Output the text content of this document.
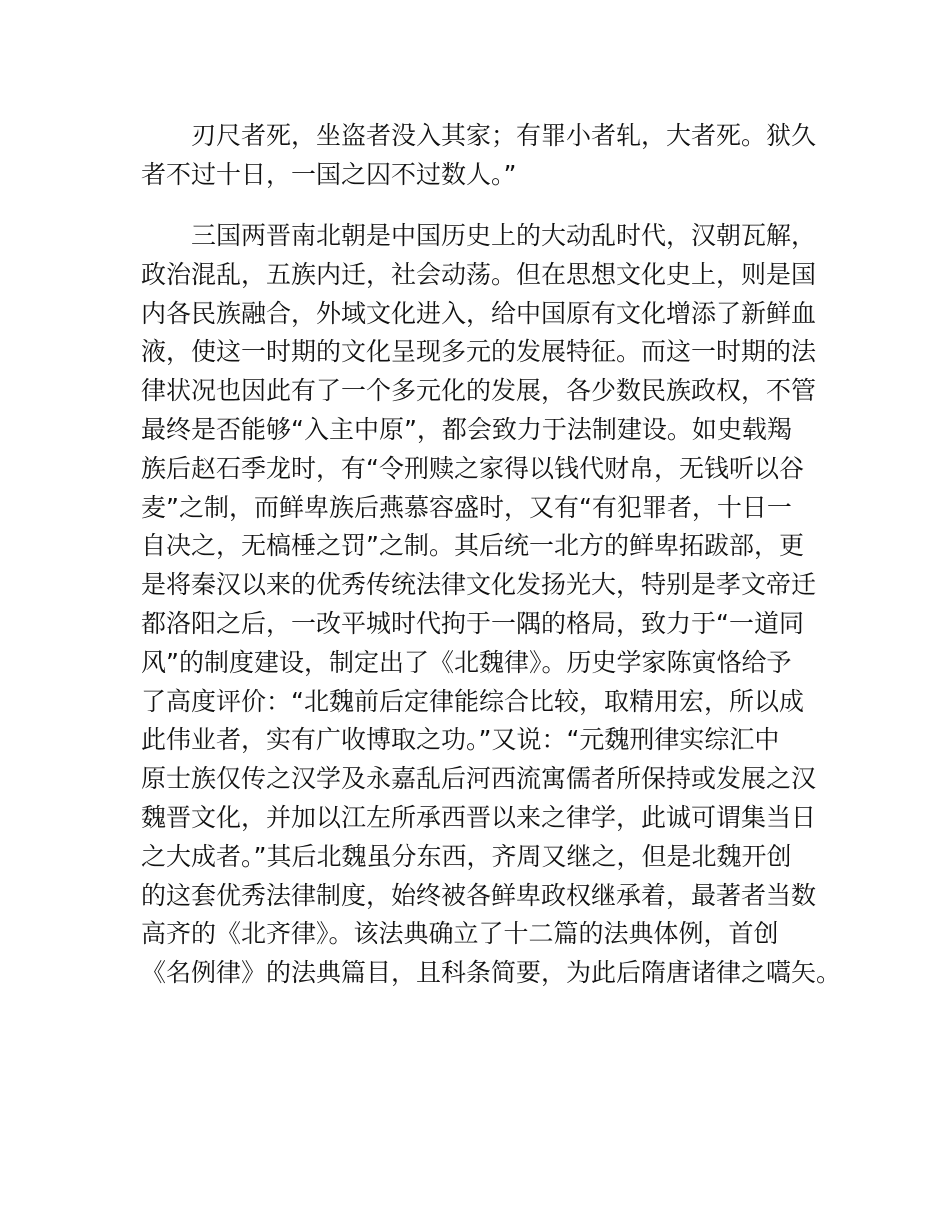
刃尺者死，坐盗者没入其家；有罪小者轧，大者死。狱久
者不过十日，一国之囚不过数人。”
三国两晋南北朝是中国历史上的大动乱时代，汉朝瓦解，
政治混乱，五族内迁，社会动荡。但在思想文化史上，则是国
内各民族融合，外域文化进入，给中国原有文化增添了新鲜血
液，使这一时期的文化呈现多元的发展特征。而这一时期的法
律状况也因此有了一个多元化的发展，各少数民族政权，不管
最终是否能够“入主中原”，都会致力于法制建设。如史载羯
族后赵石季龙时，有“令刑赎之家得以钱代财帛，无钱听以谷
麦”之制，而鲜卑族后燕慕容盛时，又有“有犯罪者，十日一
自决之，无槁棰之罚”之制。其后统一北方的鲜卑拓跋部，更
是将秦汉以来的优秀传统法律文化发扬光大，特别是孝文帝迁
都洛阳之后，一改平城时代拘于一隅的格局，致力于“一道同
风”的制度建设，制定出了《北魏律》。历史学家陈寅恪给予
了高度评价：“北魏前后定律能综合比较，取精用宏，所以成
此伟业者，实有广收博取之功。”又说：“元魏刑律实综汇中
原士族仅传之汉学及永嘉乱后河西流寓儒者所保持或发展之汉
魏晋文化，并加以江左所承西晋以来之律学，此诚可谓集当日
之大成者。”其后北魏虽分东西，齐周又继之，但是北魏开创
的这套优秀法律制度，始终被各鲜卑政权继承着，最著者当数
高齐的《北齐律》。该法典确立了十二篇的法典体例，首创
《名例律》的法典篇目，且科条简要，为此后隋唐诸律之嚆矢。
